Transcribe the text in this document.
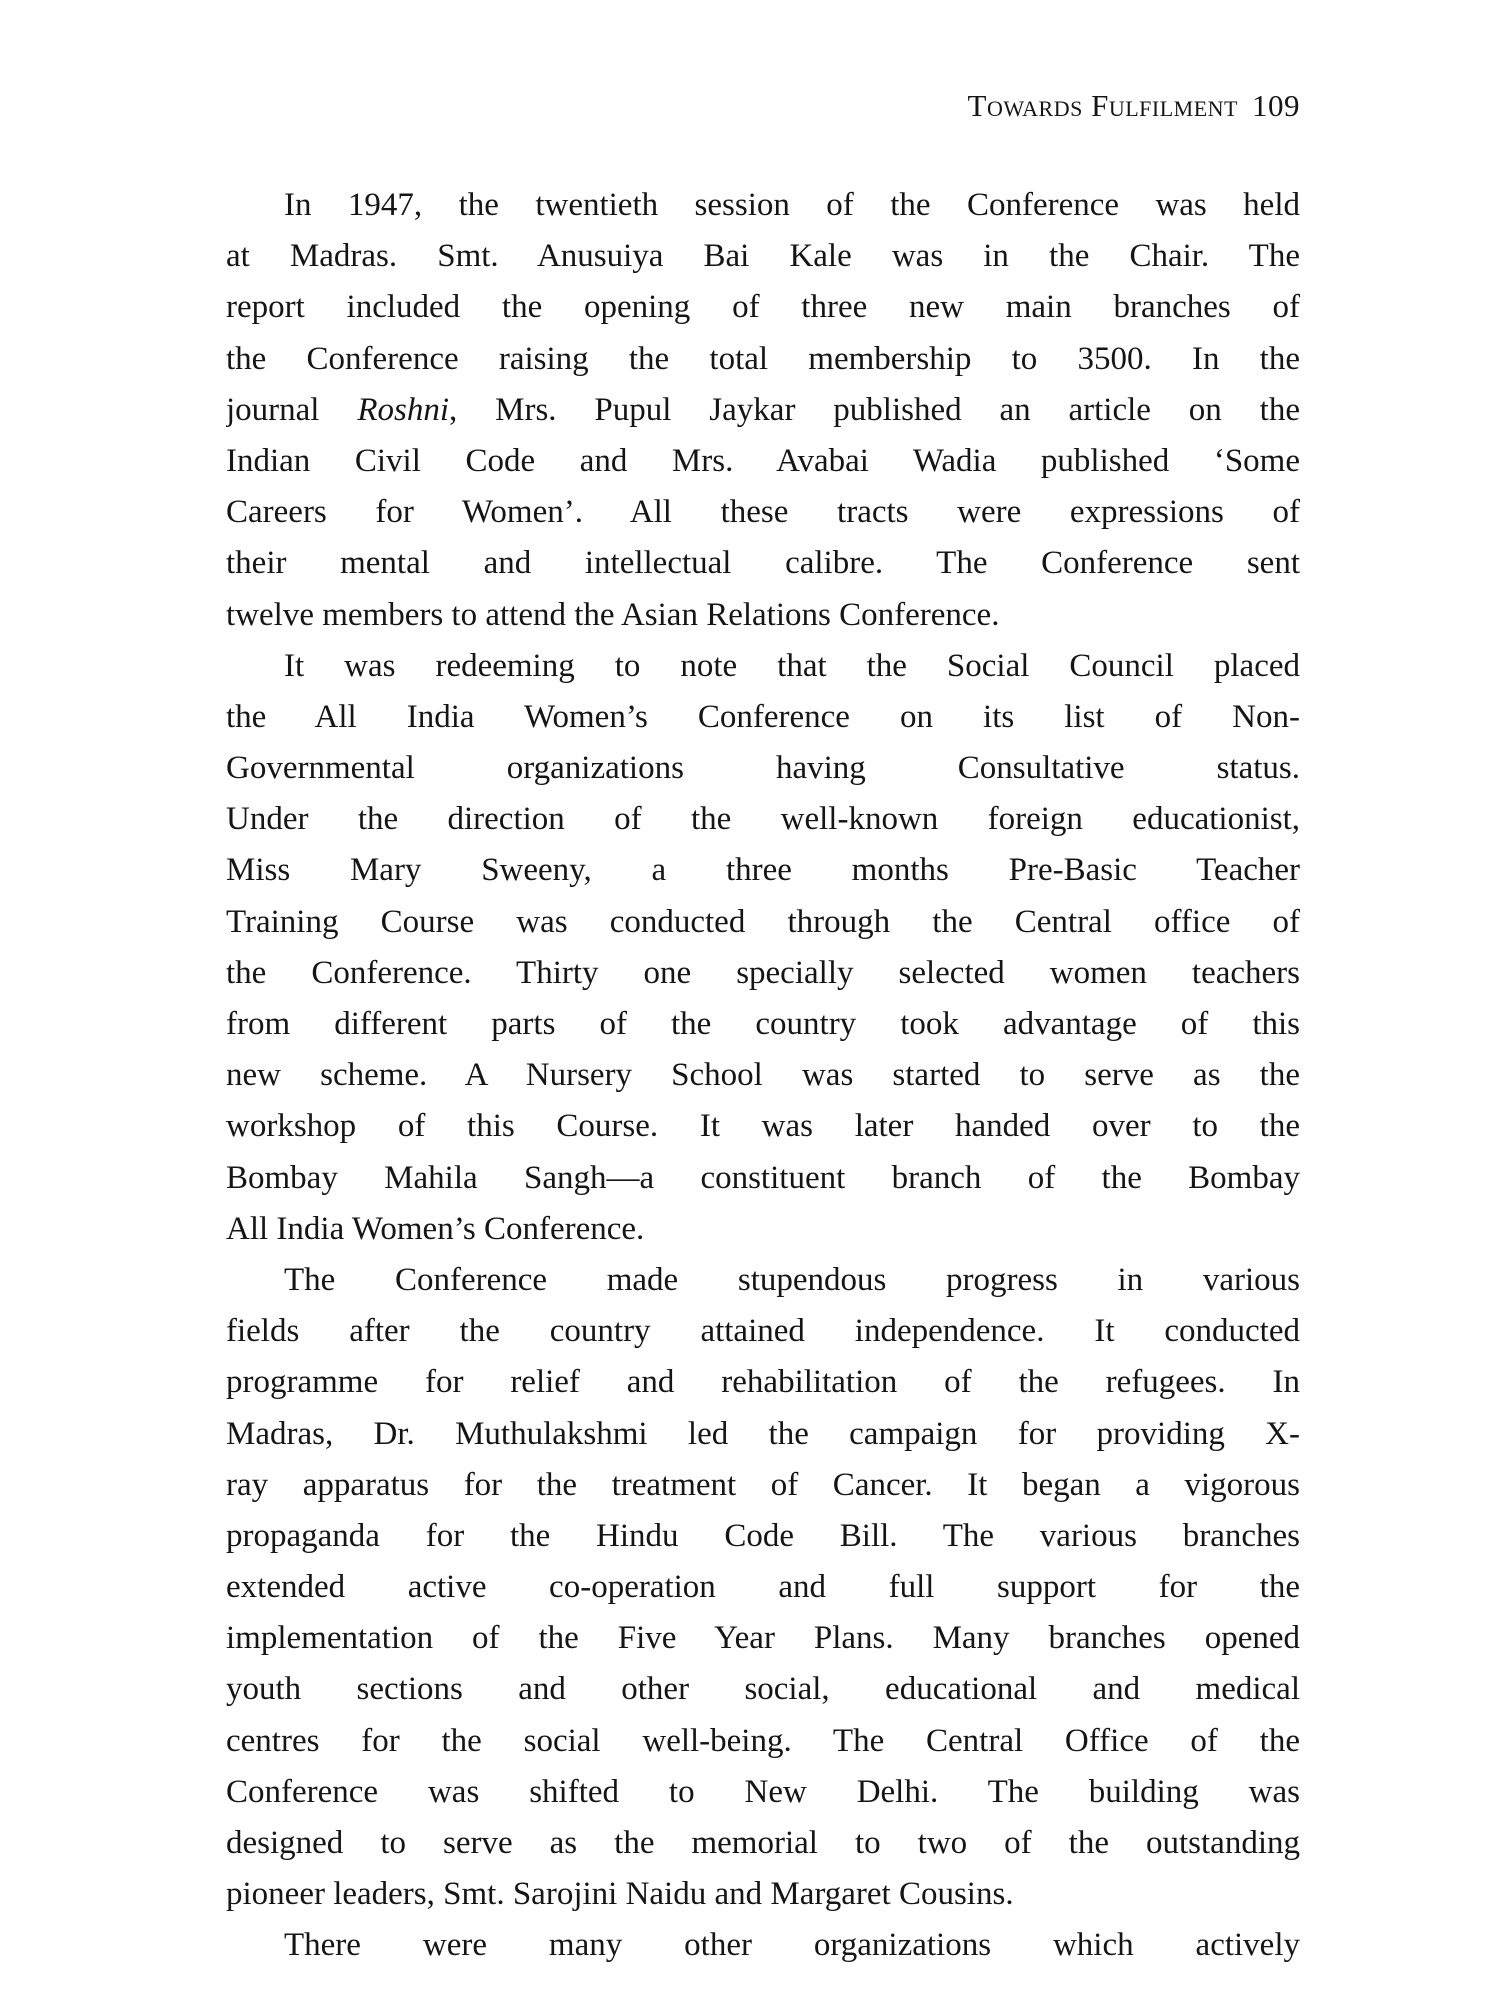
Towards Fulfilment 109
In 1947, the twentieth session of the Conference was held
at Madras. Smt. Anusuiya Bai Kale was in the Chair. The
report included the opening of three new main branches of
the Conference raising the total membership to 3500. In the
journal Roshni, Mrs. Pupul Jaykar published an article on the
Indian Civil Code and Mrs. Avabai Wadia published ‘Some
Careers for Women’. All these tracts were expressions of
their mental and intellectual calibre. The Conference sent
twelve members to attend the Asian Relations Conference.
It was redeeming to note that the Social Council placed
the All India Women’s Conference on its list of Non-
Governmental organizations having Consultative status.
Under the direction of the well-known foreign educationist,
Miss Mary Sweeny, a three months Pre-Basic Teacher
Training Course was conducted through the Central office of
the Conference. Thirty one specially selected women teachers
from different parts of the country took advantage of this
new scheme. A Nursery School was started to serve as the
workshop of this Course. It was later handed over to the
Bombay Mahila Sangh—a constituent branch of the Bombay
All India Women’s Conference.
The Conference made stupendous progress in various
fields after the country attained independence. It conducted
programme for relief and rehabilitation of the refugees. In
Madras, Dr. Muthulakshmi led the campaign for providing X-
ray apparatus for the treatment of Cancer. It began a vigorous
propaganda for the Hindu Code Bill. The various branches
extended active co-operation and full support for the
implementation of the Five Year Plans. Many branches opened
youth sections and other social, educational and medical
centres for the social well-being. The Central Office of the
Conference was shifted to New Delhi. The building was
designed to serve as the memorial to two of the outstanding
pioneer leaders, Smt. Sarojini Naidu and Margaret Cousins.
There were many other organizations which actively
